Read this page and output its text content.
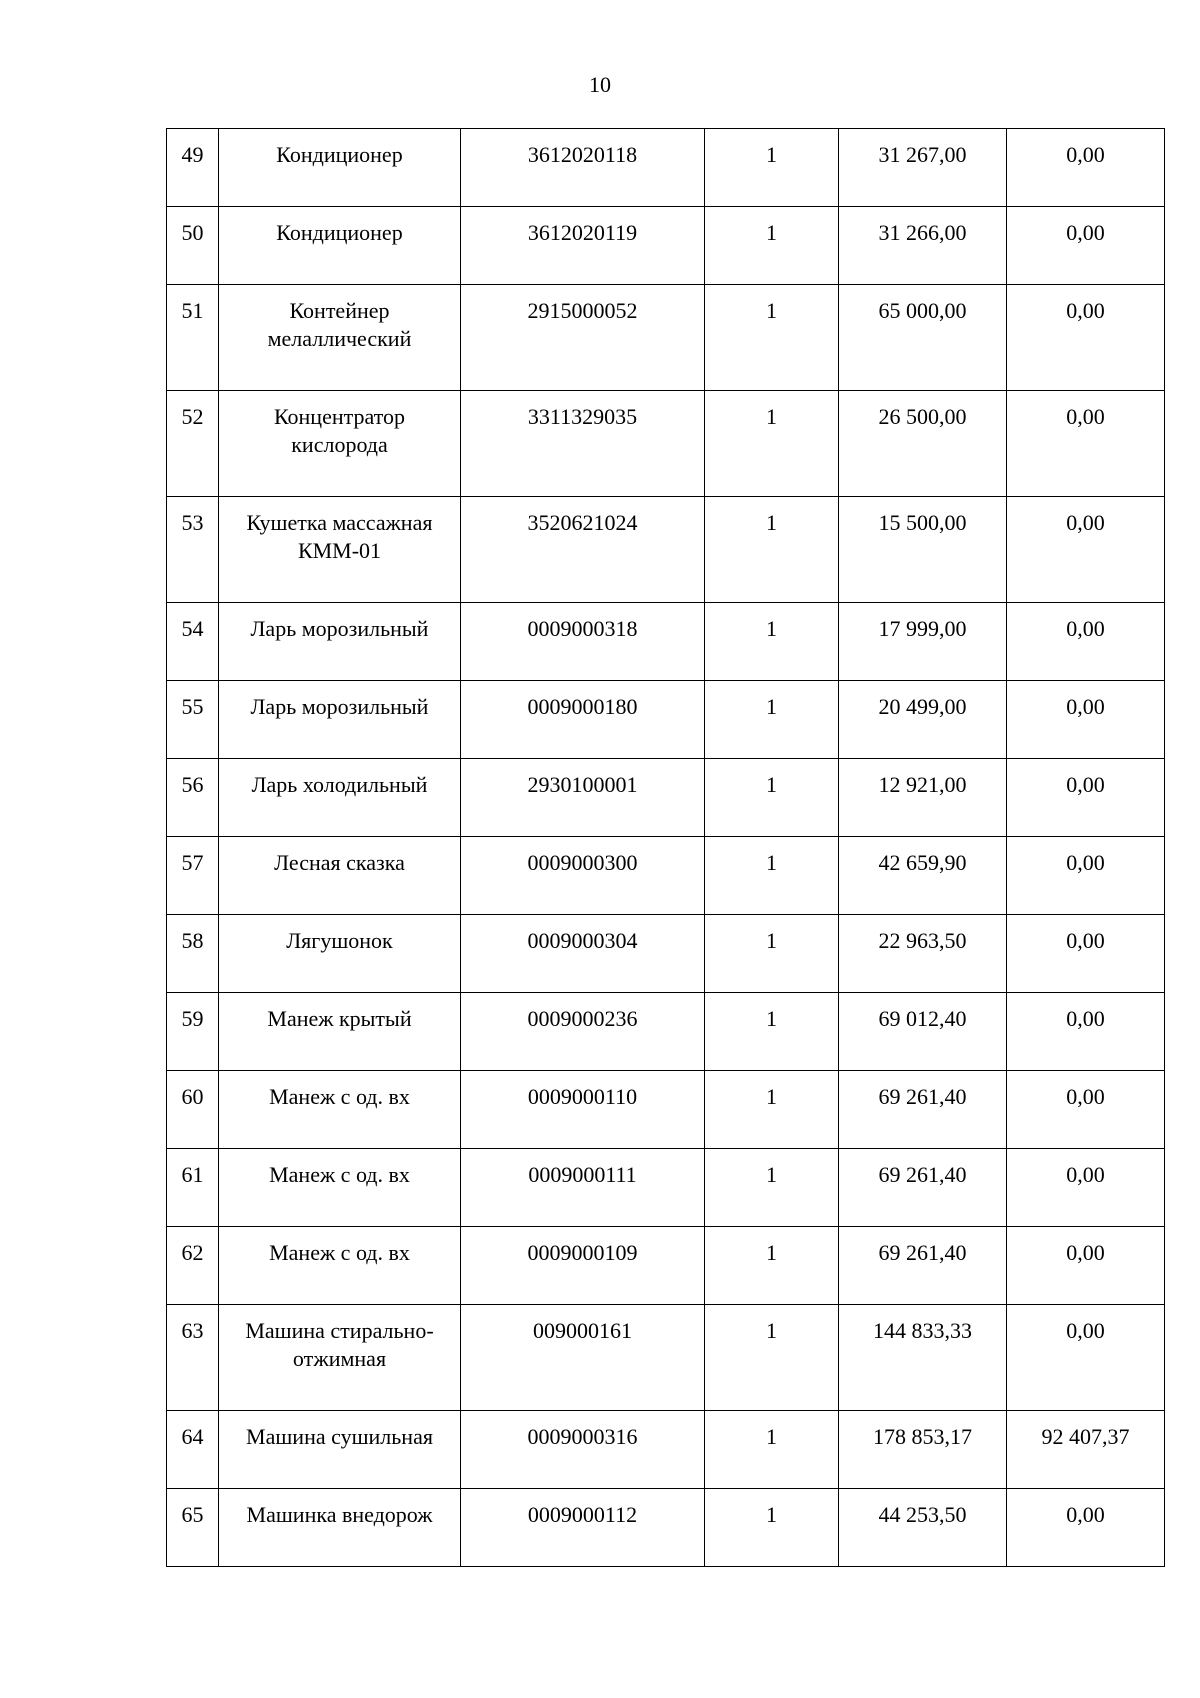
10
49	Кондиционер	3612020118	1	31 267,00	0,00
50	Кондиционер	3612020119	1	31 266,00	0,00
51	Контейнер мелаллический	2915000052	1	65 000,00	0,00
52	Концентратор кислорода	3311329035	1	26 500,00	0,00
53	Кушетка массажная КММ-01	3520621024	1	15 500,00	0,00
54	Ларь морозильный	0009000318	1	17 999,00	0,00
55	Ларь морозильный	0009000180	1	20 499,00	0,00
56	Ларь холодильный	2930100001	1	12 921,00	0,00
57	Лесная сказка	0009000300	1	42 659,90	0,00
58	Лягушонок	0009000304	1	22 963,50	0,00
59	Манеж крытый	0009000236	1	69 012,40	0,00
60	Манеж с од. вх	0009000110	1	69 261,40	0,00
61	Манеж с од. вх	0009000111	1	69 261,40	0,00
62	Манеж с од. вх	0009000109	1	69 261,40	0,00
63	Машина стирально-отжимная	009000161	1	144 833,33	0,00
64	Машина сушильная	0009000316	1	178 853,17	92 407,37
65	Машинка внедорож	0009000112	1	44 253,50	0,00
